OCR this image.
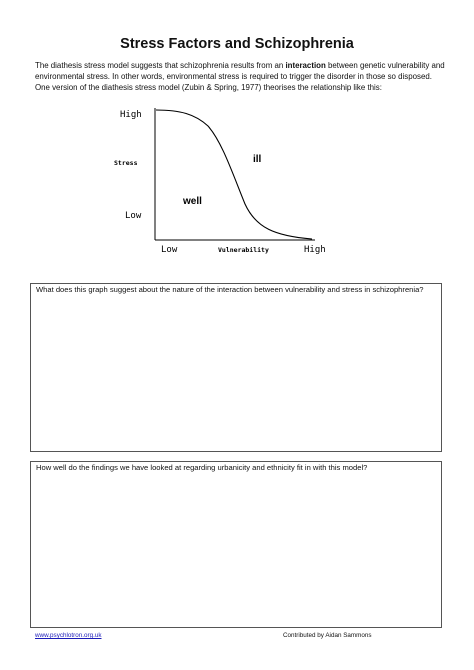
Stress Factors and Schizophrenia

The diathesis stress model suggests that schizophrenia results from an interaction between genetic vulnerability and environmental stress. In other words, environmental stress is required to trigger the disorder in those so disposed. One version of the diathesis stress model (Zubin & Spring, 1977) theorises the relationship like this:

High
Stress
Low
Low	Vulnerability	High
ill
well

What does this graph suggest about the nature of the interaction between vulnerability and stress in schizophrenia?

How well do the findings we have looked at regarding urbanicity and ethnicity fit in with this model?

www.psychlotron.org.uk	Contributed by Aidan Sammons
